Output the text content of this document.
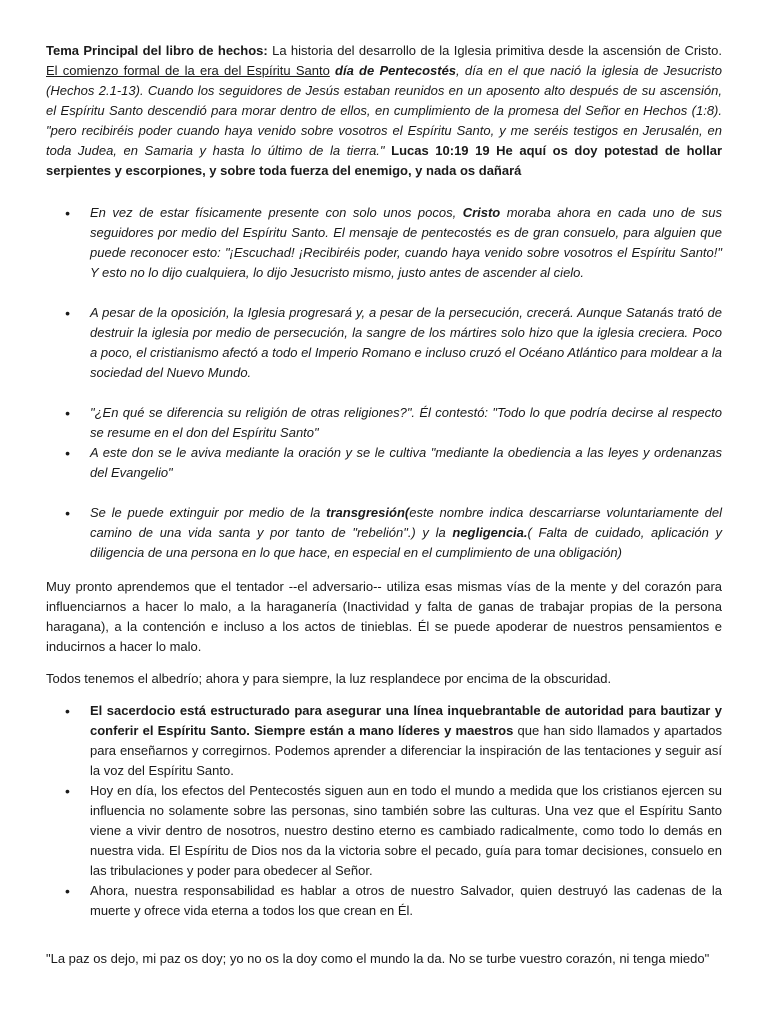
Tema Principal del libro de hechos: La historia del desarrollo de la Iglesia primitiva desde la ascensión de Cristo. El comienzo formal de la era del Espíritu Santo día de Pentecostés, día en el que nació la iglesia de Jesucristo (Hechos 2.1-13). Cuando los seguidores de Jesús estaban reunidos en un aposento alto después de su ascensión, el Espíritu Santo descendió para morar dentro de ellos, en cumplimiento de la promesa del Señor en Hechos (1:8). "pero recibiréis poder cuando haya venido sobre vosotros el Espíritu Santo, y me seréis testigos en Jerusalén, en toda Judea, en Samaria y hasta lo último de la tierra." Lucas 10:19 19 He aquí os doy potestad de hollar serpientes y escorpiones, y sobre toda fuerza del enemigo, y nada os dañará

• En vez de estar físicamente presente con solo unos pocos, Cristo moraba ahora en cada uno de sus seguidores por medio del Espíritu Santo. El mensaje de pentecostés es de gran consuelo, para alguien que puede reconocer esto: "¡Escuchad! ¡Recibiréis poder, cuando haya venido sobre vosotros el Espíritu Santo!" Y esto no lo dijo cualquiera, lo dijo Jesucristo mismo, justo antes de ascender al cielo.
• A pesar de la oposición, la Iglesia progresará y, a pesar de la persecución, crecerá. Aunque Satanás trató de destruir la iglesia por medio de persecución, la sangre de los mártires solo hizo que la iglesia creciera. Poco a poco, el cristianismo afectó a todo el Imperio Romano e incluso cruzó el Océano Atlántico para moldear a la sociedad del Nuevo Mundo.
• "¿En qué se diferencia su religión de otras religiones?". Él contestó: "Todo lo que podría decirse al respecto se resume en el don del Espíritu Santo"
• A este don se le aviva mediante la oración y se le cultiva "mediante la obediencia a las leyes y ordenanzas del Evangelio"
• Se le puede extinguir por medio de la transgresión(este nombre indica descarriarse voluntariamente del camino de una vida santa y por tanto de "rebelión".) y la negligencia.( Falta de cuidado, aplicación y diligencia de una persona en lo que hace, en especial en el cumplimiento de una obligación)

Muy pronto aprendemos que el tentador --el adversario-- utiliza esas mismas vías de la mente y del corazón para influenciarnos a hacer lo malo, a la haraganería (Inactividad y falta de ganas de trabajar propias de la persona haragana), a la contención e incluso a los actos de tinieblas. Él se puede apoderar de nuestros pensamientos e inducirnos a hacer lo malo.

Todos tenemos el albedrío; ahora y para siempre, la luz resplandece por encima de la obscuridad.

• El sacerdocio está estructurado para asegurar una línea inquebrantable de autoridad para bautizar y conferir el Espíritu Santo. Siempre están a mano líderes y maestros que han sido llamados y apartados para enseñarnos y corregirnos. Podemos aprender a diferenciar la inspiración de las tentaciones y seguir así la voz del Espíritu Santo.
• Hoy en día, los efectos del Pentecostés siguen aun en todo el mundo a medida que los cristianos ejercen su influencia no solamente sobre las personas, sino también sobre las culturas. Una vez que el Espíritu Santo viene a vivir dentro de nosotros, nuestro destino eterno es cambiado radicalmente, como todo lo demás en nuestra vida. El Espíritu de Dios nos da la victoria sobre el pecado, guía para tomar decisiones, consuelo en las tribulaciones y poder para obedecer al Señor.
• Ahora, nuestra responsabilidad es hablar a otros de nuestro Salvador, quien destruyó las cadenas de la muerte y ofrece vida eterna a todos los que crean en Él.

"La paz os dejo, mi paz os doy; yo no os la doy como el mundo la da. No se turbe vuestro corazón, ni tenga miedo"
